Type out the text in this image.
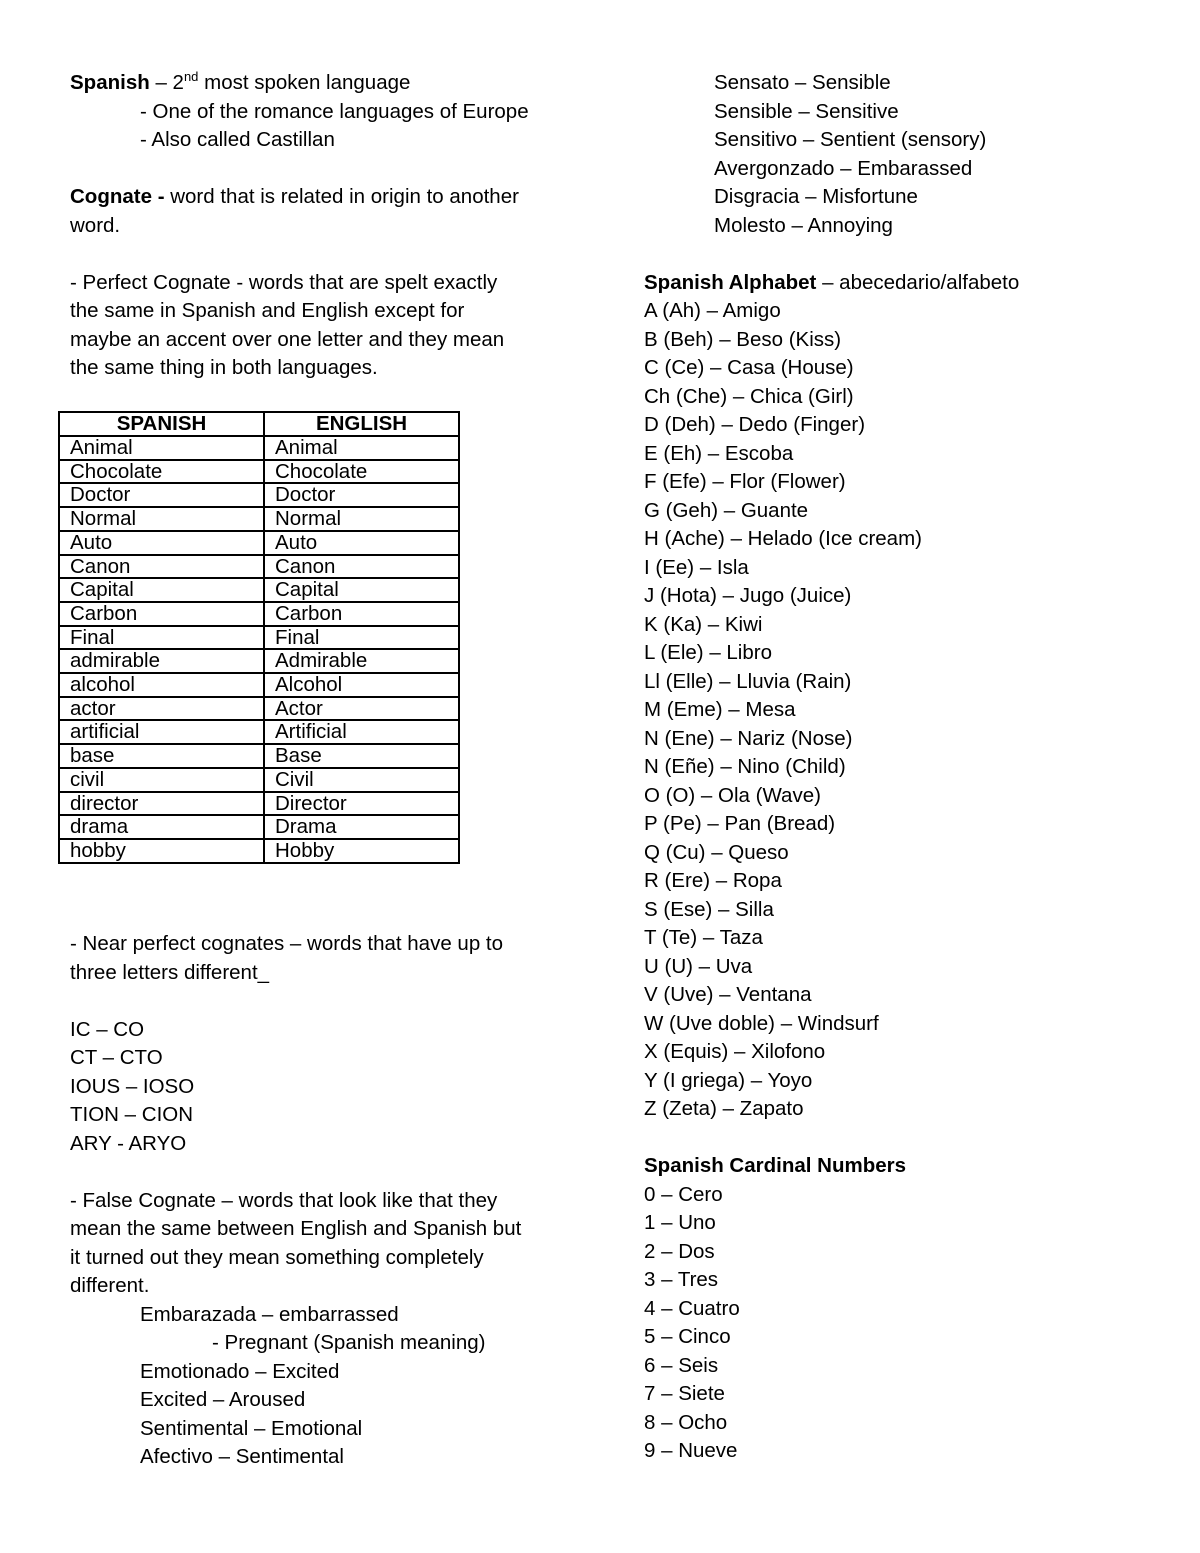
Spanish – 2nd most spoken language

- One of the romance languages of Europe

- Also called Castillan

Cognate - word that is related in origin to another

word.

- Perfect Cognate - words that are spelt exactly

the same in Spanish and English except for

maybe an accent over one letter and they mean

the same thing in both languages.

SPANISH	ENGLISH
Animal	Animal
Chocolate	Chocolate
Doctor	Doctor
Normal	Normal
Auto	Auto
Canon	Canon
Capital	Capital
Carbon	Carbon
Final	Final
admirable	Admirable
alcohol	Alcohol
actor	Actor
artificial	Artificial
base	Base
civil	Civil
director	Director
drama	Drama
hobby	Hobby

- Near perfect cognates – words that have up to

three letters different_

IC – CO

CT – CTO

IOUS – IOSO

TION – CION

ARY - ARYO

- False Cognate – words that look like that they

mean the same between English and Spanish but

it turned out they mean something completely

different.

Embarazada – embarrassed

- Pregnant (Spanish meaning)

Emotionado – Excited

Excited – Aroused

Sentimental – Emotional

Afectivo – Sentimental

Sensato – Sensible

Sensible – Sensitive

Sensitivo – Sentient (sensory)

Avergonzado – Embarassed

Disgracia – Misfortune

Molesto – Annoying

Spanish Alphabet – abecedario/alfabeto

A (Ah) – Amigo

B (Beh) – Beso (Kiss)

C (Ce) – Casa (House)

Ch (Che) – Chica (Girl)

D (Deh) – Dedo (Finger)

E (Eh) – Escoba

F (Efe) – Flor (Flower)

G (Geh) – Guante

H (Ache) – Helado (Ice cream)

I (Ee) – Isla

J (Hota) – Jugo (Juice)

K (Ka) – Kiwi

L (Ele) – Libro

Ll (Elle) – Lluvia (Rain)

M (Eme) – Mesa

N (Ene) – Nariz (Nose)

N (Eñe) – Nino (Child)

O (O) – Ola (Wave)

P (Pe) – Pan (Bread)

Q (Cu) – Queso

R (Ere) – Ropa

S (Ese) – Silla

T (Te) – Taza

U (U) – Uva

V (Uve) – Ventana

W (Uve doble) – Windsurf

X (Equis) – Xilofono

Y (I griega) – Yoyo

Z (Zeta) – Zapato

Spanish Cardinal Numbers

0 – Cero

1 – Uno

2 – Dos

3 – Tres

4 – Cuatro

5 – Cinco

6 – Seis

7 – Siete

8 – Ocho

9 – Nueve
